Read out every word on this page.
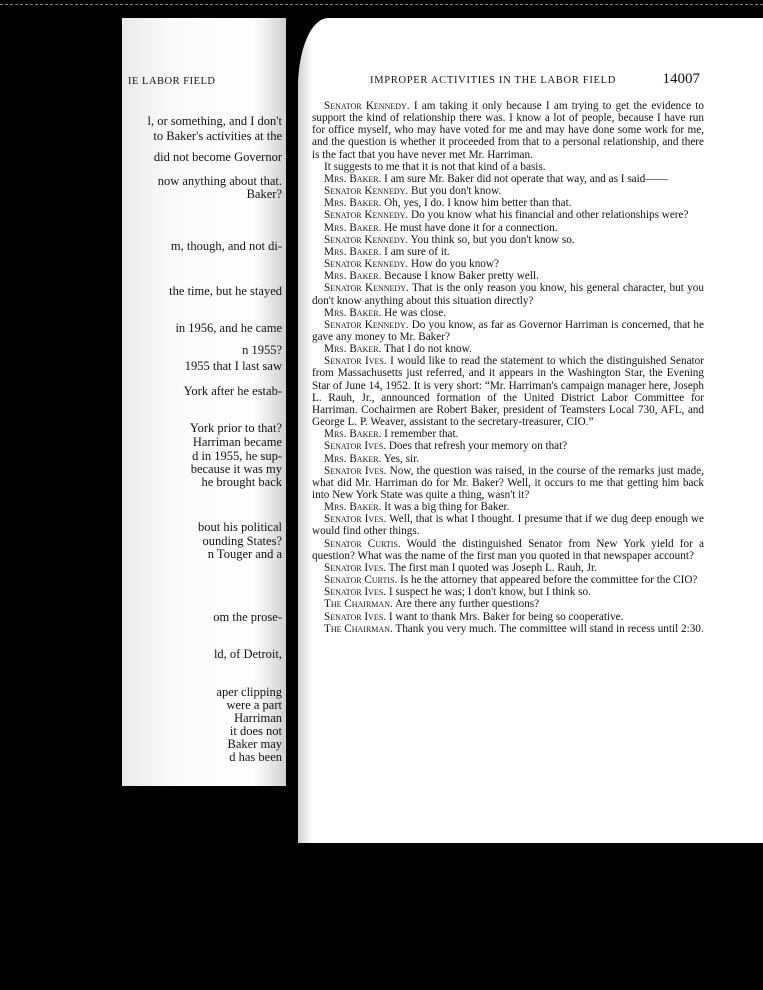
IE LABOR FIELD
l, or something, and I don't
to Baker's activities at the
did not become Governor
now anything about that.
Baker?
m, though, and not di-
the time, but he stayed
in 1956, and he came
n 1955?
1955 that I last saw
York after he estab-
York prior to that?
Harriman became
d in 1955, he sup-
because it was my
he brought back
bout his political
ounding States?
n Touger and a
om the prose-
ld, of Detroit,
aper clipping
were a part
Harriman
it does not
Baker may
d has been
IMPROPER ACTIVITIES IN THE LABOR FIELD	14007

Senator Kennedy. I am taking it only because I am trying to get the evidence to support the kind of relationship there was. I know a lot of people, because I have run for office myself, who may have voted for me and may have done some work for me, and the question is whether it proceeded from that to a personal relationship, and there is the fact that you have never met Mr. Harriman.

It suggests to me that it is not that kind of a basis.

Mrs. Baker. I am sure Mr. Baker did not operate that way, and as I said——

Senator Kennedy. But you don't know.

Mrs. Baker. Oh, yes, I do. I know him better than that.

Senator Kennedy. Do you know what his financial and other relationships were?

Mrs. Baker. He must have done it for a connection.

Senator Kennedy. You think so, but you don't know so.

Mrs. Baker. I am sure of it.

Senator Kennedy. How do you know?

Mrs. Baker. Because I know Baker pretty well.

Senator Kennedy. That is the only reason you know, his general character, but you don't know anything about this situation directly?

Mrs. Baker. He was close.

Senator Kennedy. Do you know, as far as Governor Harriman is concerned, that he gave any money to Mr. Baker?

Mrs. Baker. That I do not know.

Senator Ives. I would like to read the statement to which the distinguished Senator from Massachusetts just referred, and it appears in the Washington Star, the Evening Star of June 14, 1952. It is very short: “Mr. Harriman's campaign manager here, Joseph L. Rauh, Jr., announced formation of the United District Labor Committee for Harriman. Cochairmen are Robert Baker, president of Teamsters Local 730, AFL, and George L. P. Weaver, assistant to the secretary-treasurer, CIO.”

Mrs. Baker. I remember that.

Senator Ives. Does that refresh your memory on that?

Mrs. Baker. Yes, sir.

Senator Ives. Now, the question was raised, in the course of the remarks just made, what did Mr. Harriman do for Mr. Baker? Well, it occurs to me that getting him back into New York State was quite a thing, wasn't it?

Mrs. Baker. It was a big thing for Baker.

Senator Ives. Well, that is what I thought. I presume that if we dug deep enough we would find other things.

Senator Curtis. Would the distinguished Senator from New York yield for a question? What was the name of the first man you quoted in that newspaper account?

Senator Ives. The first man I quoted was Joseph L. Rauh, Jr.

Senator Curtis. Is he the attorney that appeared before the committee for the CIO?

Senator Ives. I suspect he was; I don't know, but I think so.

The Chairman. Are there any further questions?

Senator Ives. I want to thank Mrs. Baker for being so cooperative.

The Chairman. Thank you very much. The committee will stand in recess until 2:30.
